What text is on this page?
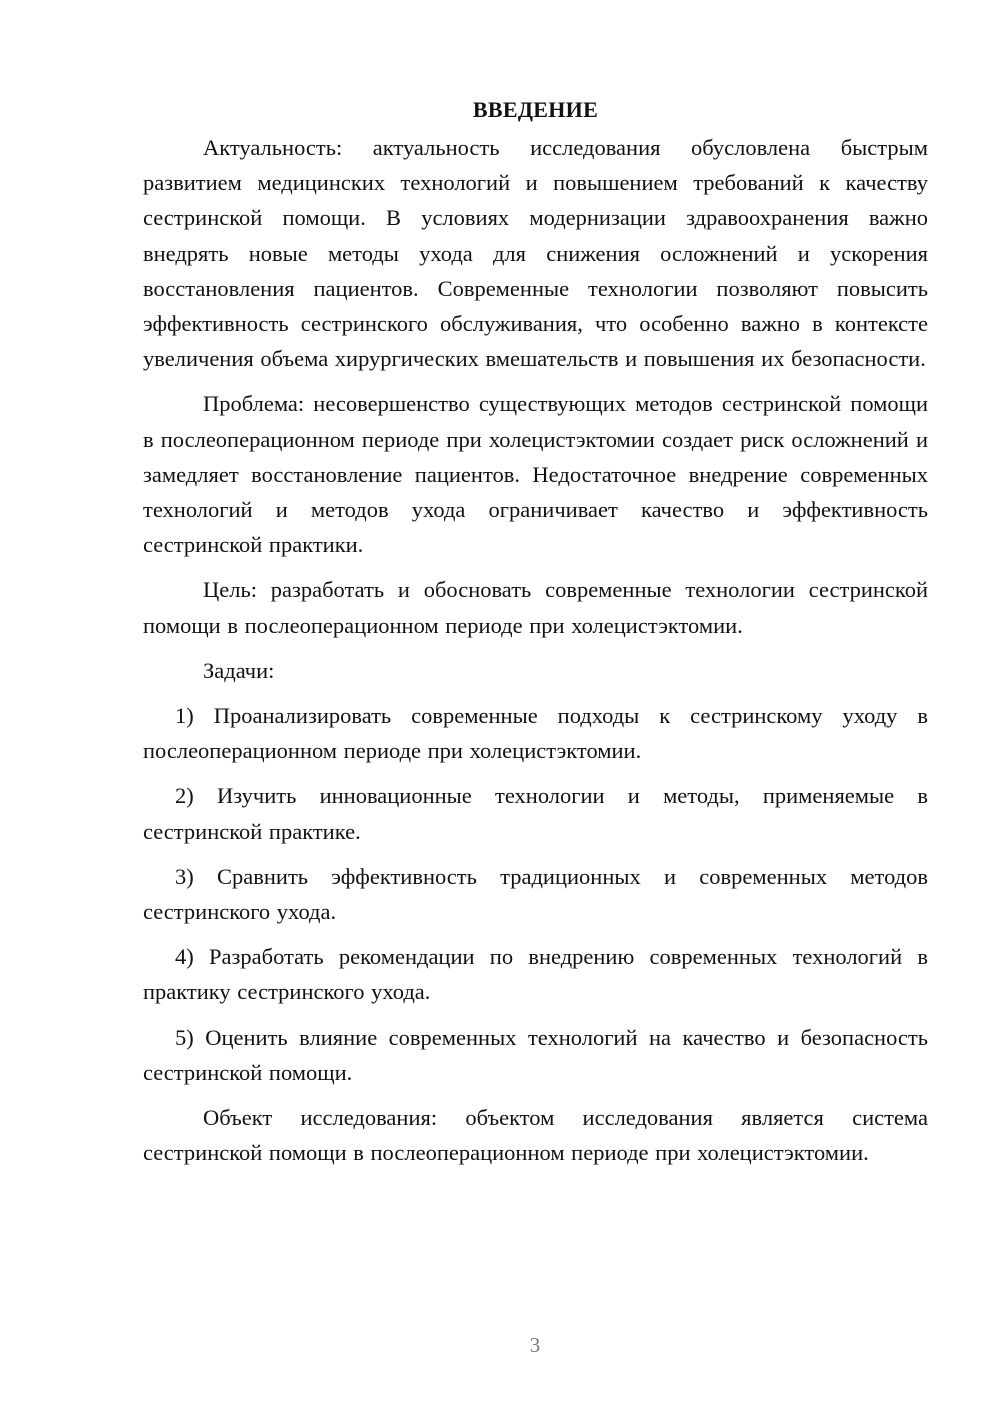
ВВЕДЕНИЕ

Актуальность: актуальность исследования обусловлена быстрым развитием медицинских технологий и повышением требований к качеству сестринской помощи. В условиях модернизации здравоохранения важно внедрять новые методы ухода для снижения осложнений и ускорения восстановления пациентов. Современные технологии позволяют повысить эффективность сестринского обслуживания, что особенно важно в контексте увеличения объема хирургических вмешательств и повышения их безопасности.

Проблема: несовершенство существующих методов сестринской помощи в послеоперационном периоде при холецистэктомии создает риск осложнений и замедляет восстановление пациентов. Недостаточное внедрение современных технологий и методов ухода ограничивает качество и эффективность сестринской практики.

Цель: разработать и обосновать современные технологии сестринской помощи в послеоперационном периоде при холецистэктомии.

Задачи:

1) Проанализировать современные подходы к сестринскому уходу в послеоперационном периоде при холецистэктомии.

2) Изучить инновационные технологии и методы, применяемые в сестринской практике.

3) Сравнить эффективность традиционных и современных методов сестринского ухода.

4) Разработать рекомендации по внедрению современных технологий в практику сестринского ухода.

5) Оценить влияние современных технологий на качество и безопасность сестринской помощи.

Объект исследования: объектом исследования является система сестринской помощи в послеоперационном периоде при холецистэктомии.

3
